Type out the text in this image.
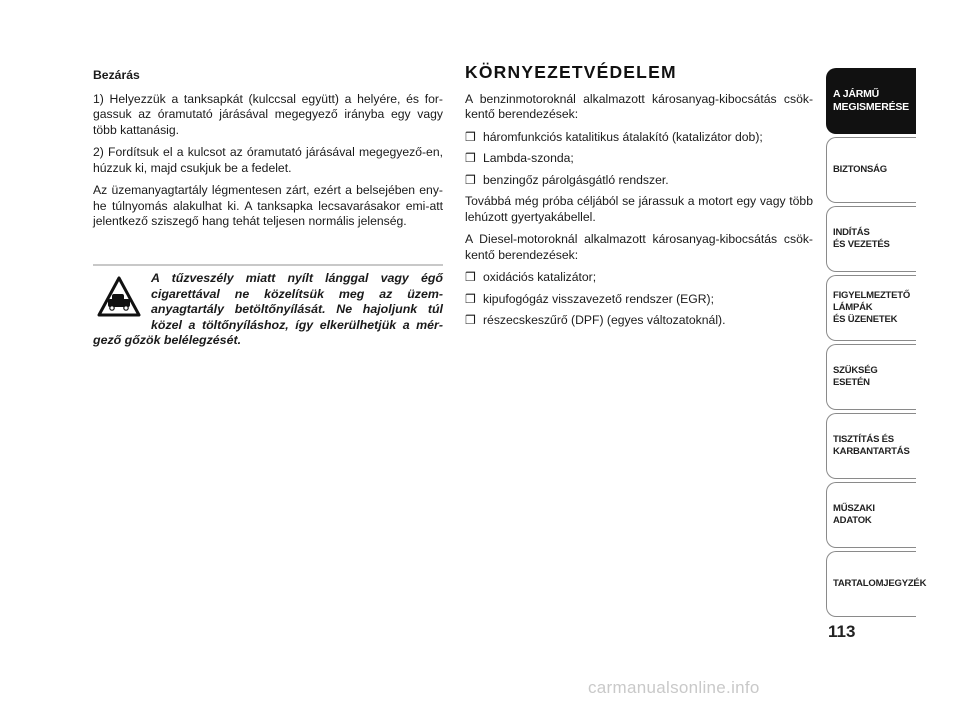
Bezárás

1) Helyezzük a tanksapkát (kulccsal együtt) a helyére, és for-gassuk az óramutató járásával megegyező irányba egy vagy több kattanásig.

2) Fordítsuk el a kulcsot az óramutató járásával megegyező-en, húzzuk ki, majd csukjuk be a fedelet.

Az üzemanyagtartály légmentesen zárt, ezért a belsejében eny-he túlnyomás alakulhat ki. A tanksapka lecsavarásakor emi-att jelentkező sziszegő hang tehát teljesen normális jelenség.

A tűzveszély miatt nyílt lánggal vagy égő cigarettával ne közelítsük meg az üzem-anyagtartály betöltőnyílását. Ne hajoljunk túl közel a töltőnyíláshoz, így elkerülhetjük a mér-gező gőzök belélegzését.

KÖRNYEZETVÉDELEM

A benzinmotoroknál alkalmazott károsanyag-kibocsátás csök-kentő berendezések:

❒ háromfunkciós katalitikus átalakító (katalizátor dob);
❒ Lambda-szonda;
❒ benzingőz párolgásgátló rendszer.

Továbbá még próba céljából se járassuk a motort egy vagy több lehúzott gyertyakábellel.

A Diesel-motoroknál alkalmazott károsanyag-kibocsátás csök-kentő berendezések:

❒ oxidációs katalizátor;
❒ kipufogógáz visszavezető rendszer (EGR);
❒ részecskeszűrő (DPF) (egyes változatoknál).
A JÁRMŰ
MEGISMERÉSE
BIZTONSÁG
INDÍTÁS
ÉS VEZETÉS
FIGYELMEZTETŐ
LÁMPÁK
ÉS ÜZENETEK
SZÜKSÉG
ESETÉN
TISZTÍTÁS ÉS
KARBANTARTÁS
MŰSZAKI
ADATOK
TARTALOMJEGYZÉK
113
carmanualsonline.info
